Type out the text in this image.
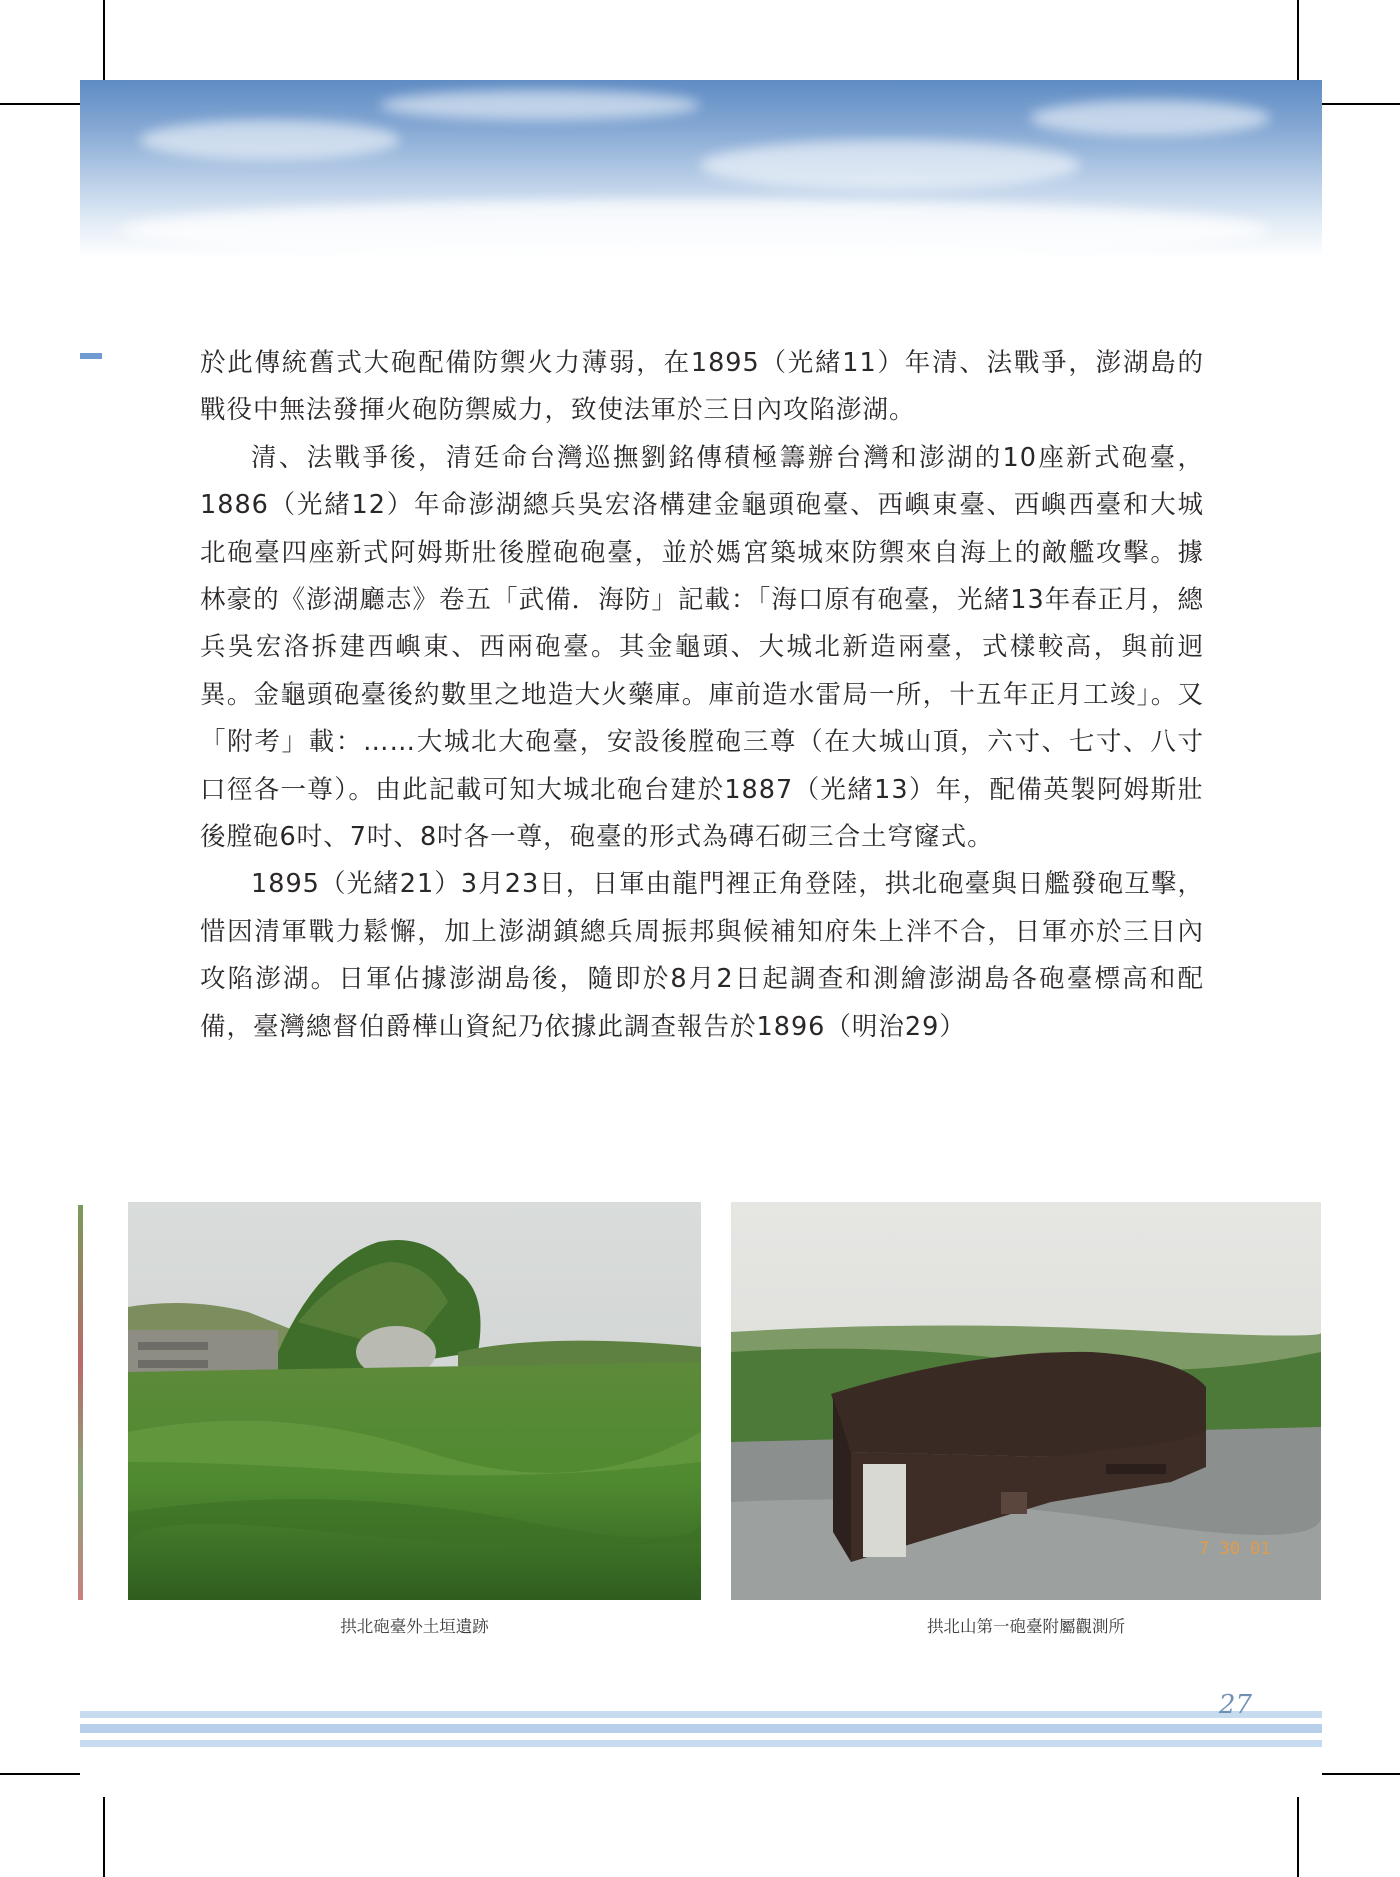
於此傳統舊式大砲配備防禦火力薄弱，在1895（光緒11）年清、法戰爭，澎湖島的戰役中無法發揮火砲防禦威力，致使法軍於三日內攻陷澎湖。

清、法戰爭後，清廷命台灣巡撫劉銘傳積極籌辦台灣和澎湖的10座新式砲臺，1886（光緒12）年命澎湖總兵吳宏洛構建金龜頭砲臺、西嶼東臺、西嶼西臺和大城北砲臺四座新式阿姆斯壯後膛砲砲臺，並於媽宮築城來防禦來自海上的敵艦攻擊。據林豪的《澎湖廳志》卷五「武備．海防」記載：「海口原有砲臺，光緒13年春正月，總兵吳宏洛拆建西嶼東、西兩砲臺。其金龜頭、大城北新造兩臺，式樣較高，與前迥異。金龜頭砲臺後約數里之地造大火藥庫。庫前造水雷局一所，十五年正月工竣」。又「附考」載：……大城北大砲臺，安設後膛砲三尊（在大城山頂，六寸、七寸、八寸口徑各一尊）。由此記載可知大城北砲台建於1887（光緒13）年，配備英製阿姆斯壯後膛砲6吋、7吋、8吋各一尊，砲臺的形式為磚石砌三合土穹窿式。

1895（光緒21）3月23日，日軍由龍門裡正角登陸，拱北砲臺與日艦發砲互擊，惜因清軍戰力鬆懈，加上澎湖鎮總兵周振邦與候補知府朱上泮不合，日軍亦於三日內攻陷澎湖。日軍佔據澎湖島後，隨即於8月2日起調查和測繪澎湖島各砲臺標高和配備，臺灣總督伯爵樺山資紀乃依據此調查報告於1896（明治29）

拱北砲臺外土垣遺跡
7 30 01
拱北山第一砲臺附屬觀測所
27
